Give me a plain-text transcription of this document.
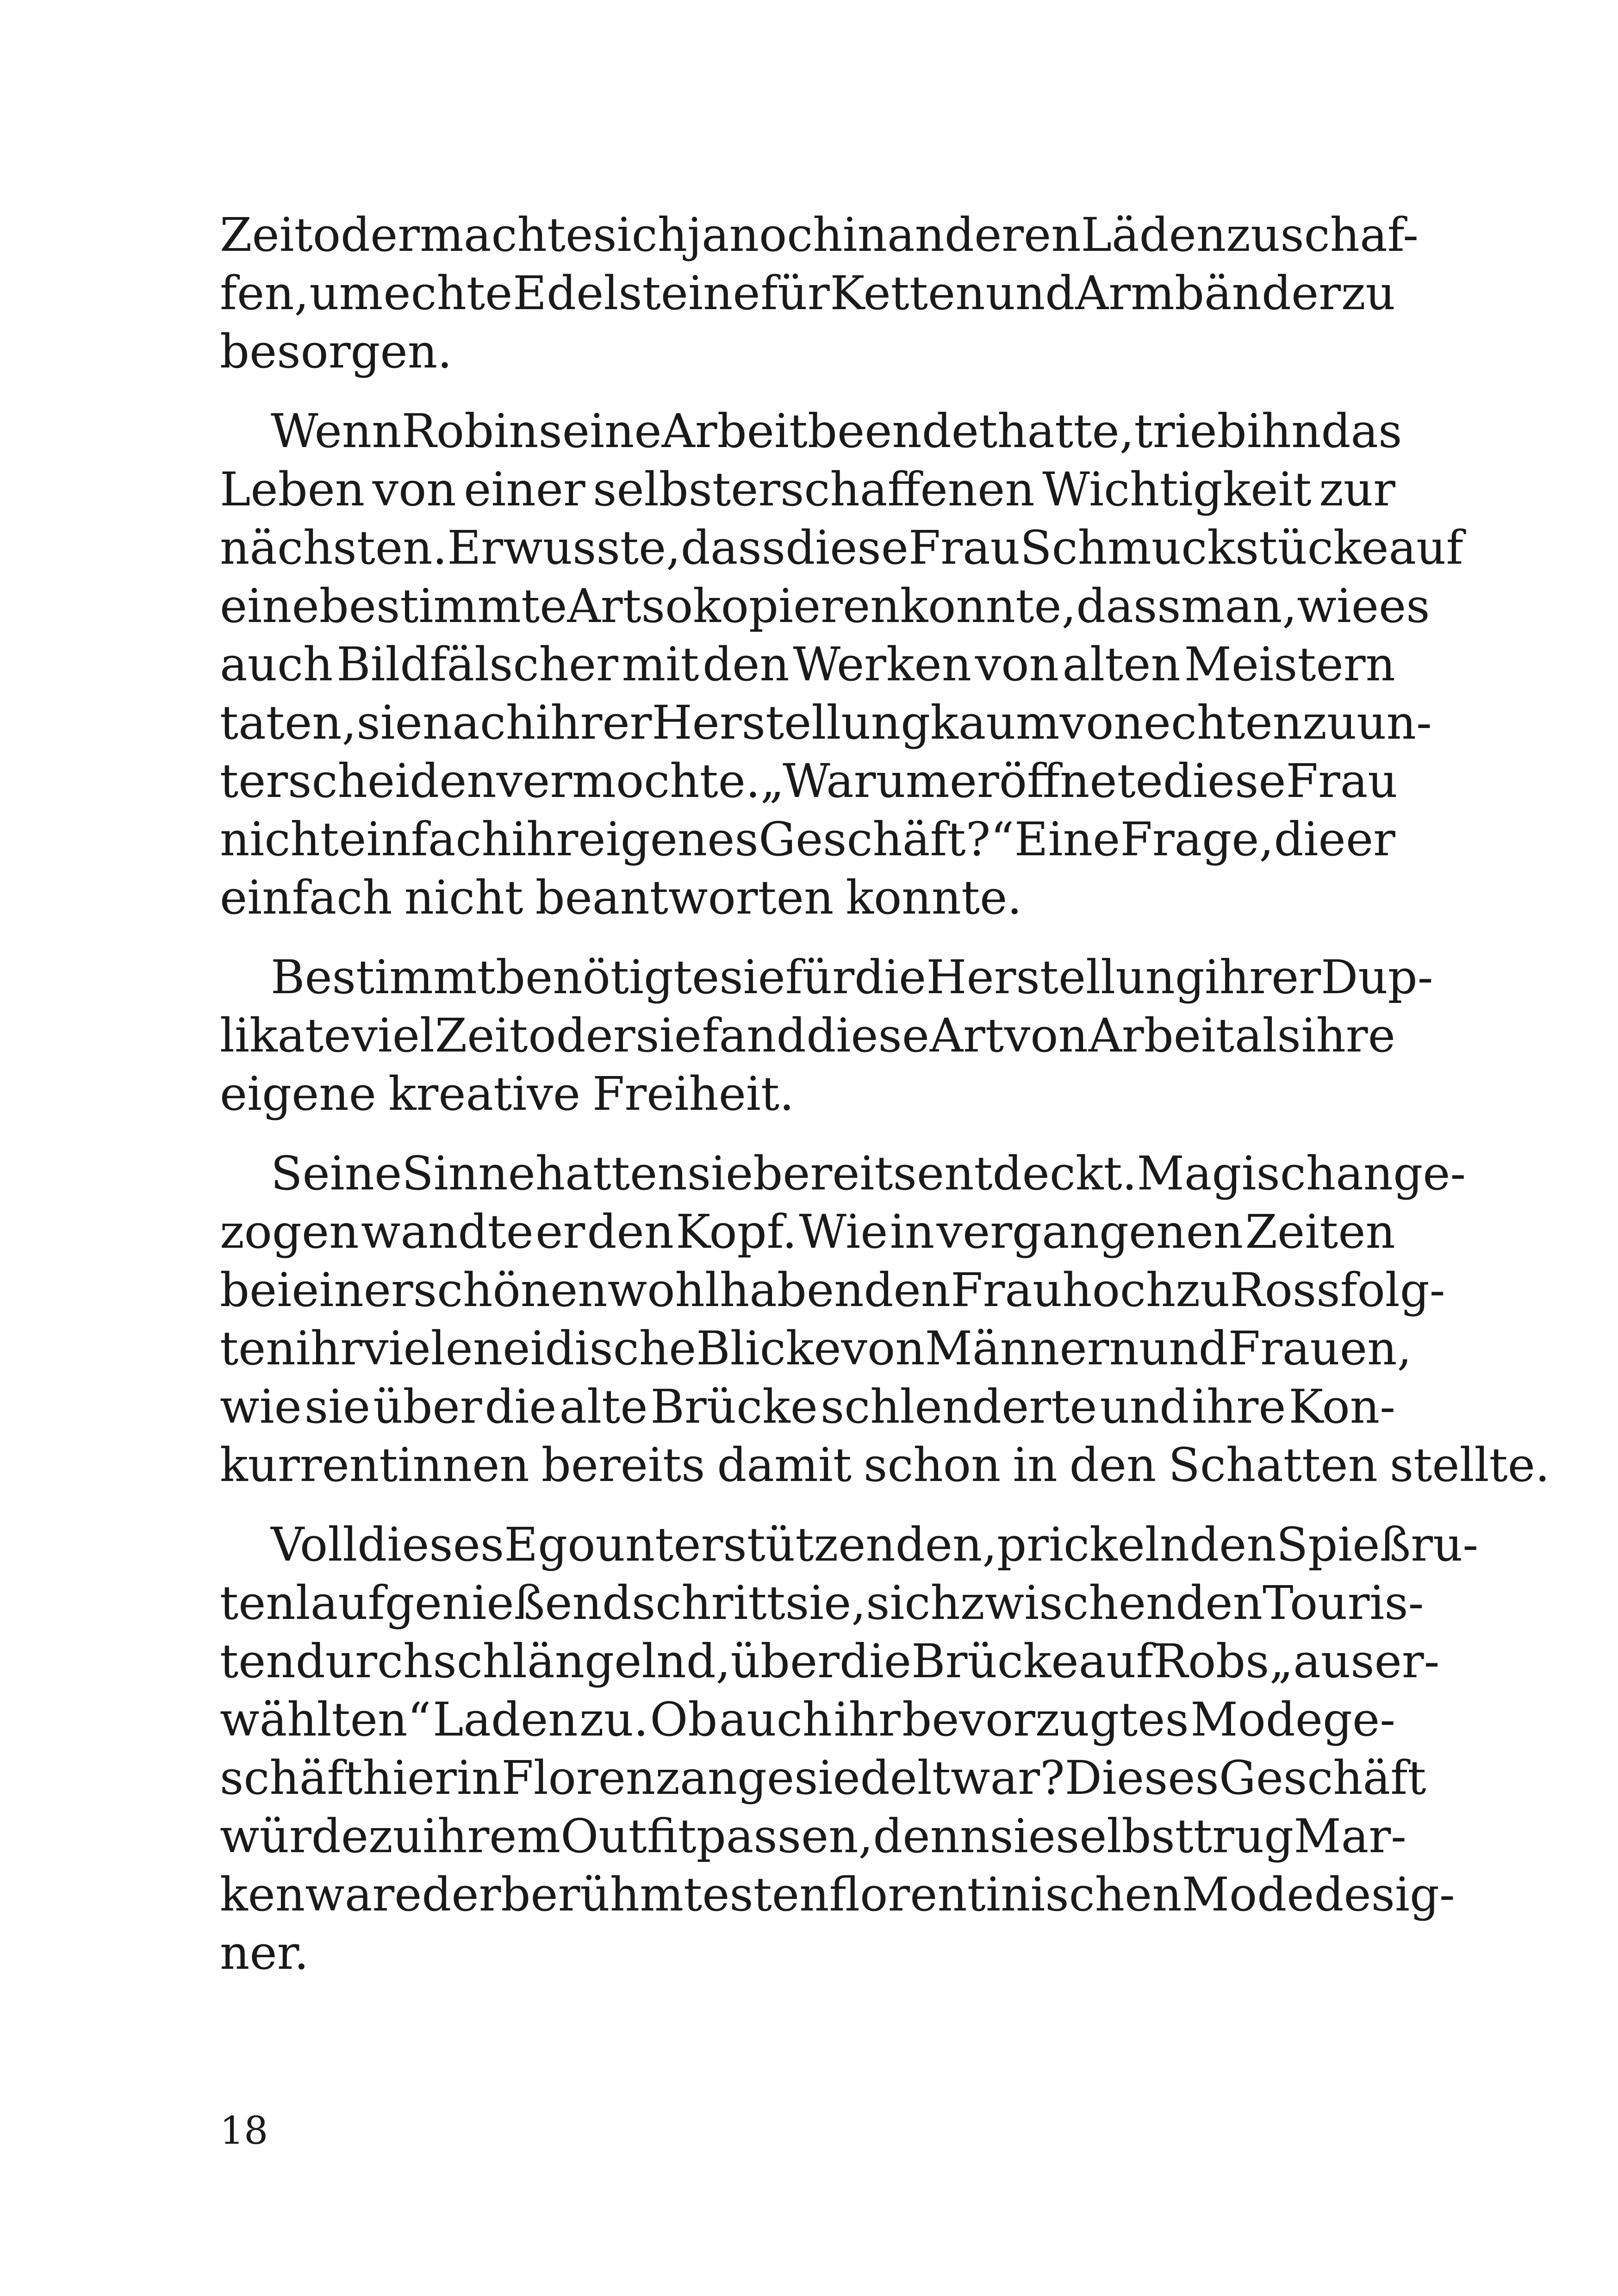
Zeit oder machte sich ja noch in anderen Läden zu schaf-
fen, um echte Edelsteine für Ketten und Armbänder zu
besorgen.
Wenn Robin seine Arbeit beendet hatte, trieb ihn das
Leben von einer selbsterschaffenen Wichtigkeit zur
nächsten. Er wusste, dass diese Frau Schmuckstücke auf
eine bestimmte Art so kopieren konnte, dass man, wie es
auch Bildfälscher mit den Werken von alten Meistern
taten, sie nach ihrer Herstellung kaum von echten zu un-
terscheiden vermochte. „Warum eröffnete diese Frau
nicht einfach ihr eigenes Geschäft?“ Eine Frage, die er
einfach nicht beantworten konnte.
Bestimmt benötigte sie für die Herstellung ihrer Dup-
likate viel Zeit oder sie fand diese Art von Arbeit als ihre
eigene kreative Freiheit.
Seine Sinne hatten sie bereits entdeckt. Magisch ange-
zogen wandte er den Kopf. Wie in vergangenen Zeiten
bei einer schönen wohlhabenden Frau hoch zu Ross folg-
ten ihr viele neidische Blicke von Männern und Frauen,
wie sie über die alte Brücke schlenderte und ihre Kon-
kurrentinnen bereits damit schon in den Schatten stellte.
Voll dieses Ego unterstützenden, prickelnden Spießru-
tenlauf genießend schritt sie, sich zwischen den Touris-
ten durchschlängelnd, über die Brücke auf Robs „auser-
wählten“ Laden zu. Ob auch ihr bevorzugtes Modege-
schäft hier in Florenz angesiedelt war? Dieses Geschäft
würde zu ihrem Outfit passen, denn sie selbst trug Mar-
kenware der berühmtesten florentinischen Modedesig-
ner.
18
